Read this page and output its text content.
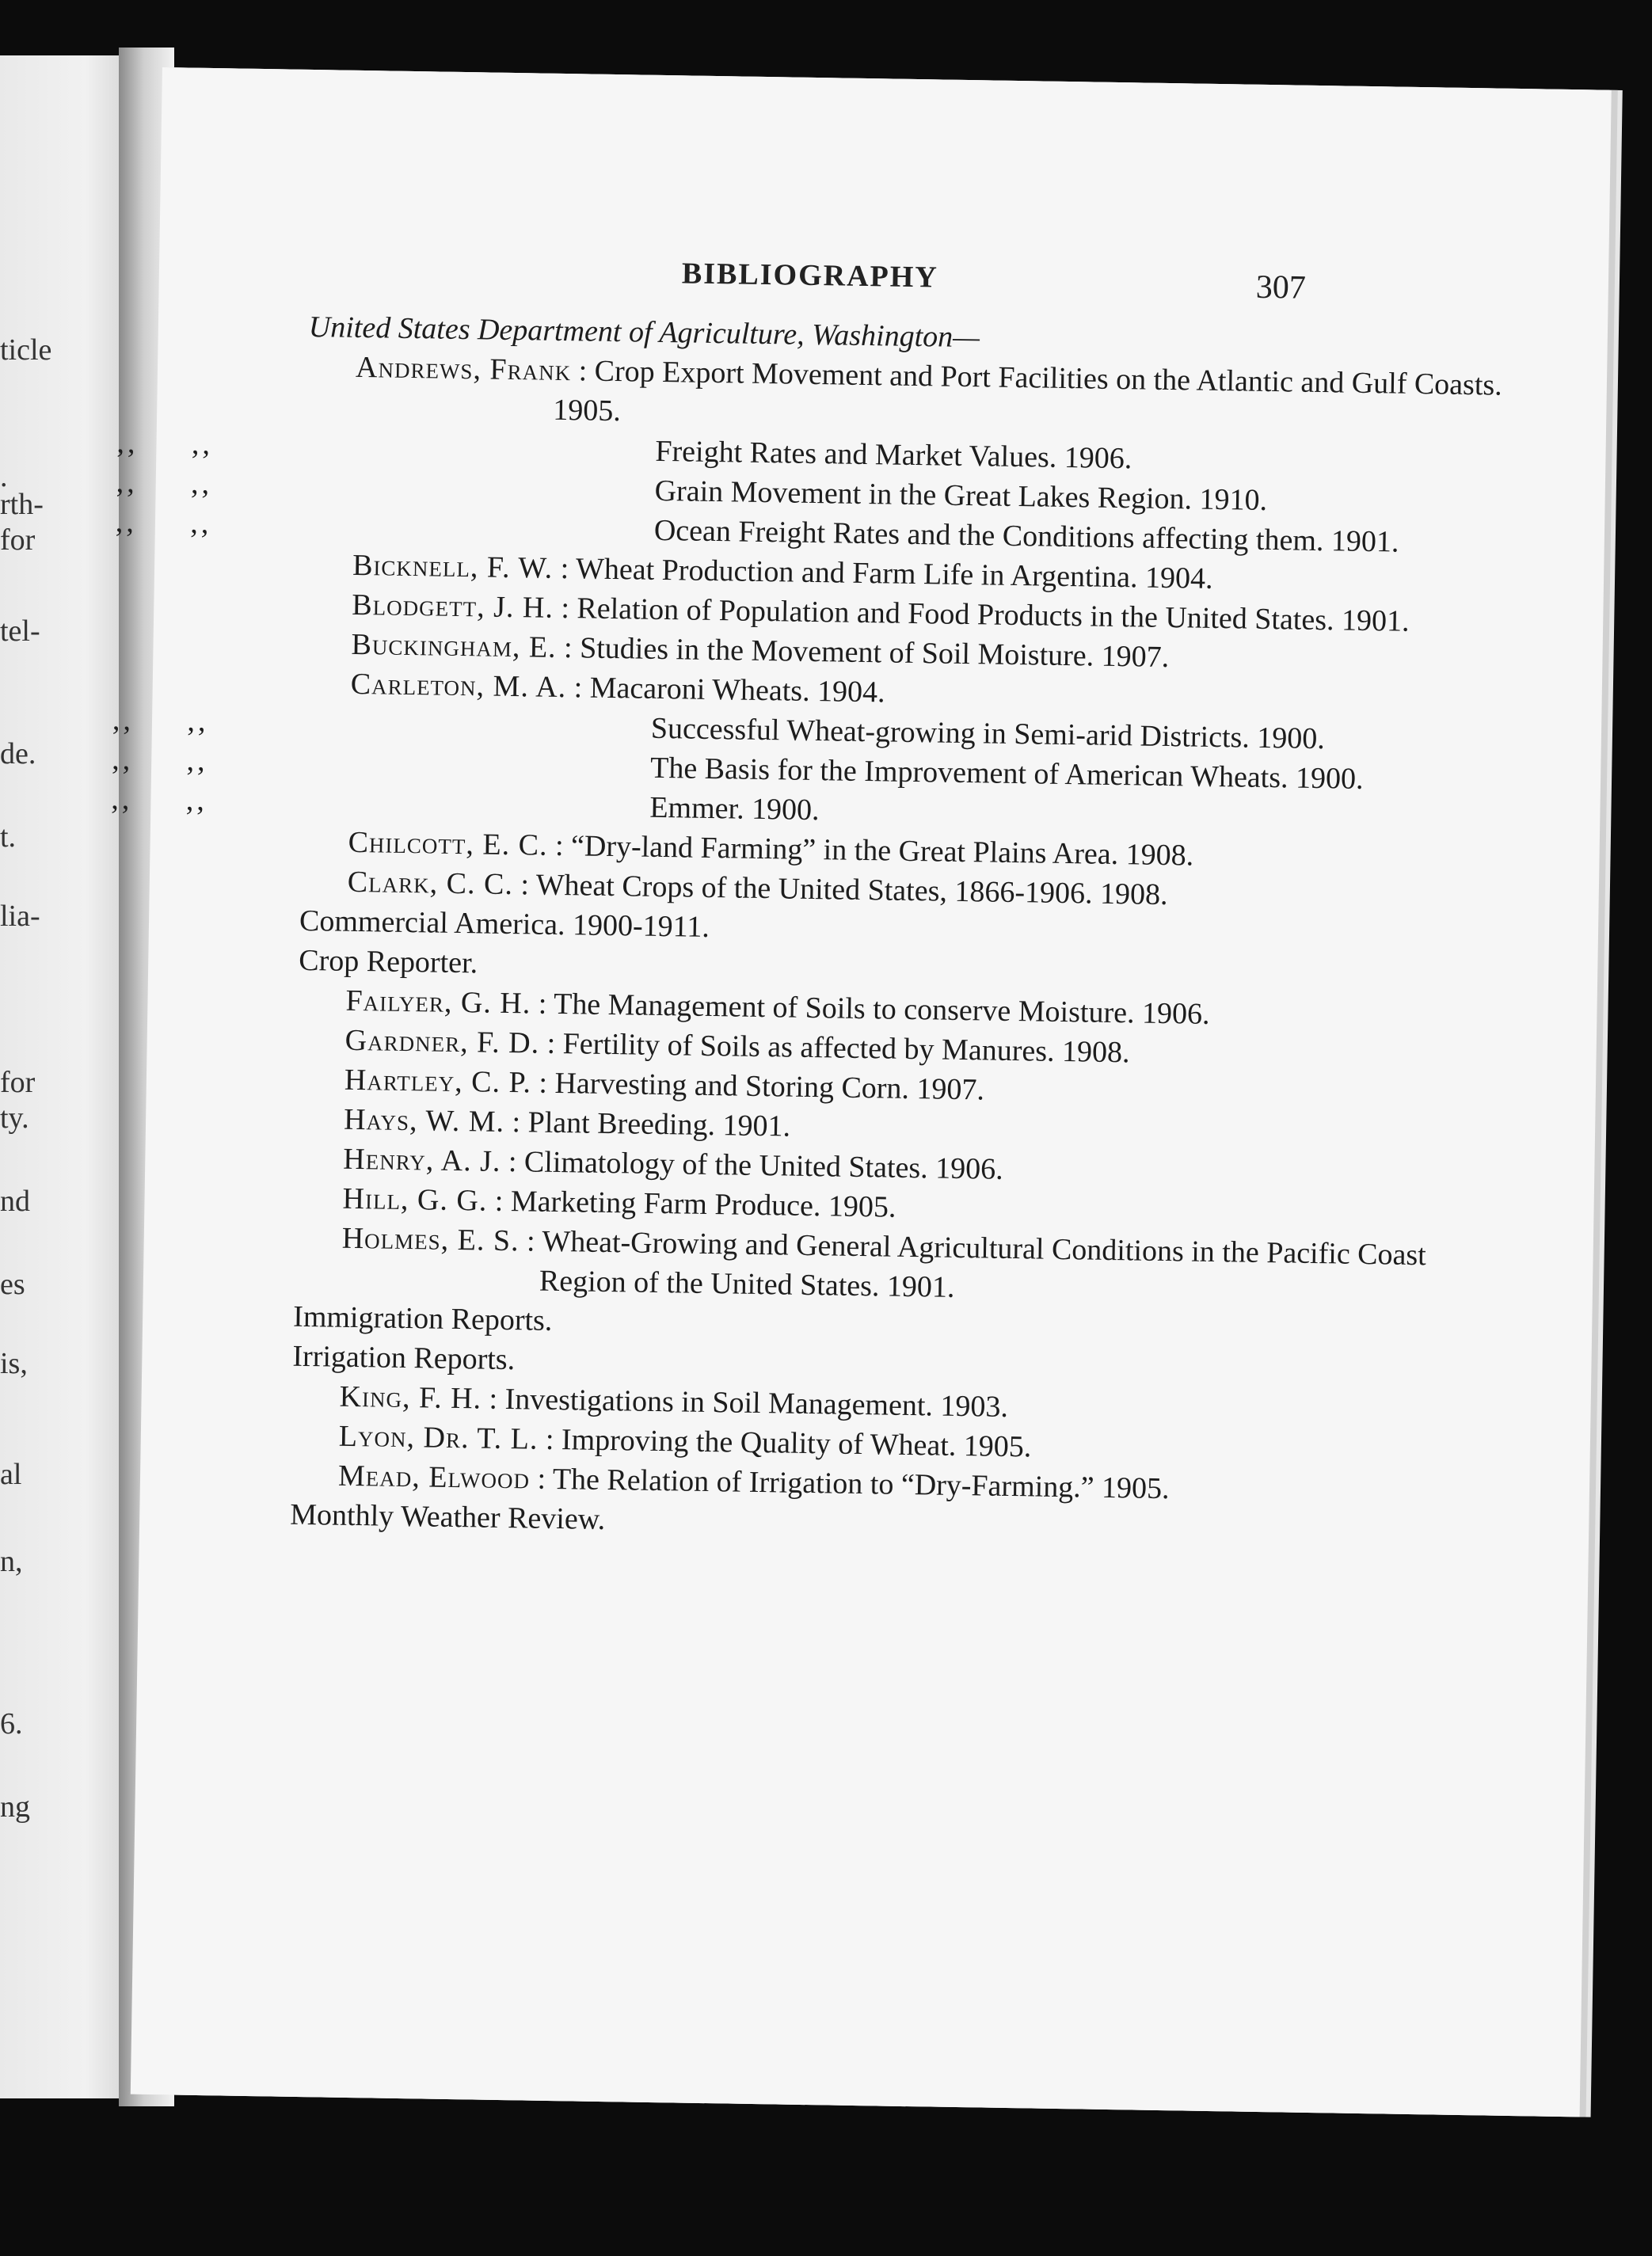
ticle
.
rth-
for
tel-
de.
t.
lia-
for
ty.
nd
es
is,
al
n,
6.
ng
BIBLIOGRAPHY	307

United States Department of Agriculture, Washington—

Andrews, Frank : Crop Export Movement and Port Facilities on the Atlantic and Gulf Coasts. 1905.

,,     ,,	Freight Rates and Market Values. 1906.

,,     ,,	Grain Movement in the Great Lakes Region. 1910.

,,     ,,	Ocean Freight Rates and the Conditions affecting them. 1901.

Bicknell, F. W. : Wheat Production and Farm Life in Argentina. 1904.

Blodgett, J. H. : Relation of Population and Food Products in the United States. 1901.

Buckingham, E. : Studies in the Movement of Soil Moisture. 1907.

Carleton, M. A. : Macaroni Wheats. 1904.

,,     ,,	Successful Wheat-growing in Semi-arid Districts. 1900.

,,     ,,	The Basis for the Improvement of American Wheats. 1900.

,,     ,,	Emmer. 1900.

Chilcott, E. C. : “Dry-land Farming” in the Great Plains Area. 1908.

Clark, C. C. : Wheat Crops of the United States, 1866-1906. 1908.

Commercial America. 1900-1911.

Crop Reporter.

Failyer, G. H. : The Management of Soils to conserve Moisture. 1906.

Gardner, F. D. : Fertility of Soils as affected by Manures. 1908.

Hartley, C. P. : Harvesting and Storing Corn. 1907.

Hays, W. M. : Plant Breeding. 1901.

Henry, A. J. : Climatology of the United States. 1906.

Hill, G. G. : Marketing Farm Produce. 1905.

Holmes, E. S. : Wheat-Growing and General Agricultural Conditions in the Pacific Coast Region of the United States. 1901.

Immigration Reports.

Irrigation Reports.

King, F. H. : Investigations in Soil Management. 1903.

Lyon, Dr. T. L. : Improving the Quality of Wheat. 1905.

Mead, Elwood : The Relation of Irrigation to “Dry-Farming.” 1905.

Monthly Weather Review.
